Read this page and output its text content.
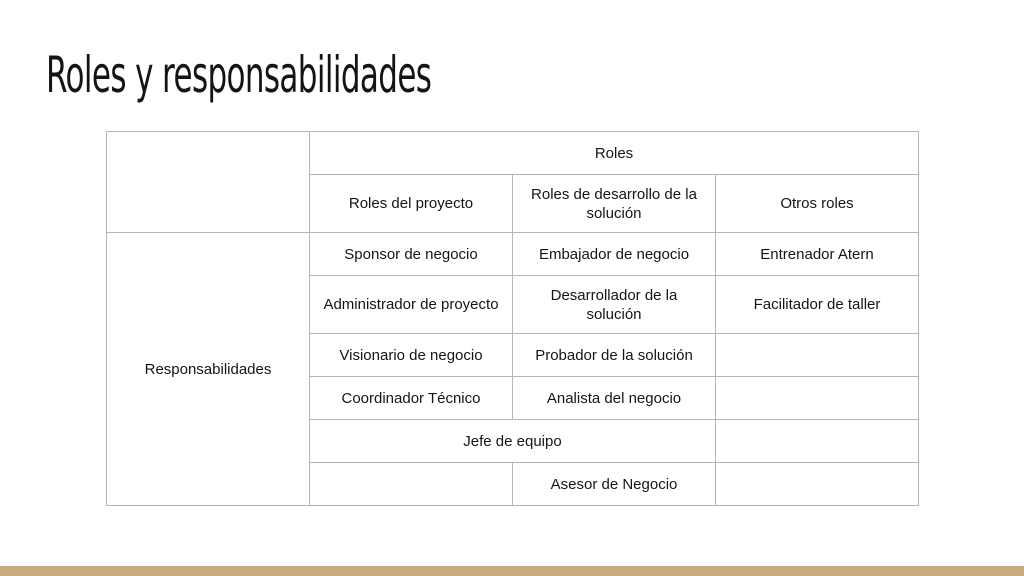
Roles y responsabilidades
	Roles		
	Roles del proyecto	Roles de desarrollo de la solución	Otros roles
Responsabilidades	Sponsor de negocio	Embajador de negocio	Entrenador Atern
	Administrador de proyecto	Desarrollador de la solución	Facilitador de taller
	Visionario de negocio	Probador de la solución	
	Coordinador Técnico	Analista del negocio	
	Jefe de equipo		
		Asesor de Negocio	
